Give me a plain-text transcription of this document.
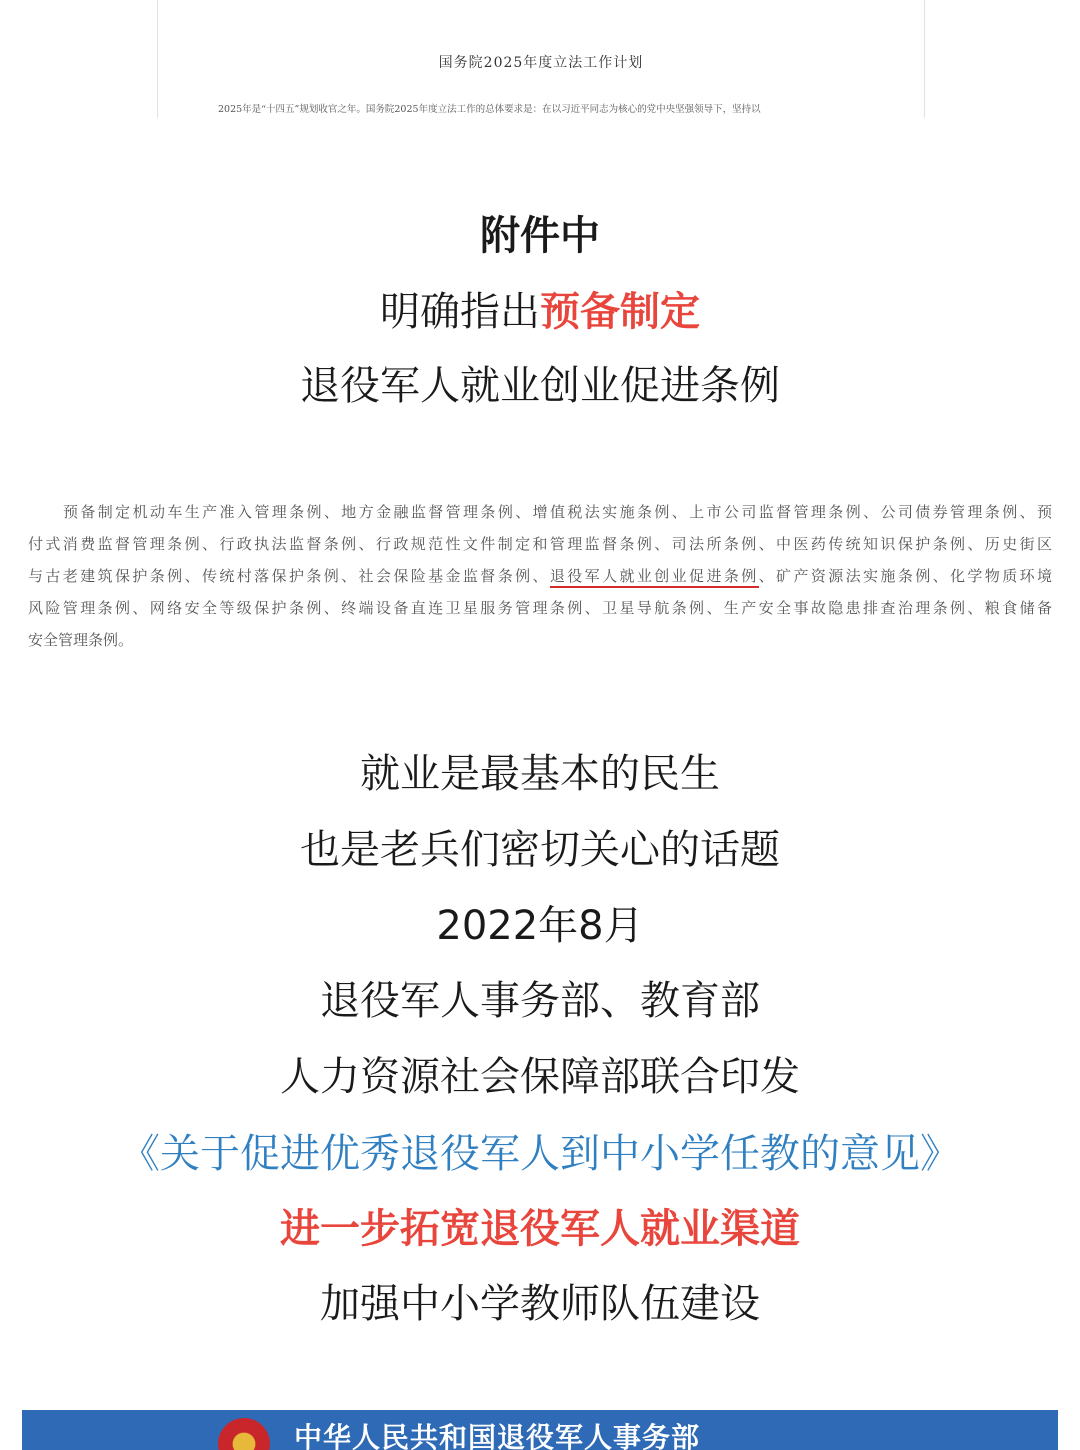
国务院2025年度立法工作计划
2025年是“十四五”规划收官之年。国务院2025年度立法工作的总体要求是：在以习近平同志为核心的党中央坚强领导下，坚持以
附件中
明确指出预备制定
退役军人就业创业促进条例
预备制定机动车生产准入管理条例、地方金融监督管理条例、增值税法实施条例、上市公司监督管理条例、公司债券管理条例、预
付式消费监督管理条例、行政执法监督条例、行政规范性文件制定和管理监督条例、司法所条例、中医药传统知识保护条例、历史街区
与古老建筑保护条例、传统村落保护条例、社会保险基金监督条例、退役军人就业创业促进条例、矿产资源法实施条例、化学物质环境
风险管理条例、网络安全等级保护条例、终端设备直连卫星服务管理条例、卫星导航条例、生产安全事故隐患排查治理条例、粮食储备
安全管理条例。
就业是最基本的民生
也是老兵们密切关心的话题
2022年8月
退役军人事务部、教育部
人力资源社会保障部联合印发
《关于促进优秀退役军人到中小学任教的意见》
进一步拓宽退役军人就业渠道
加强中小学教师队伍建设
中华人民共和国退役军人事务部
